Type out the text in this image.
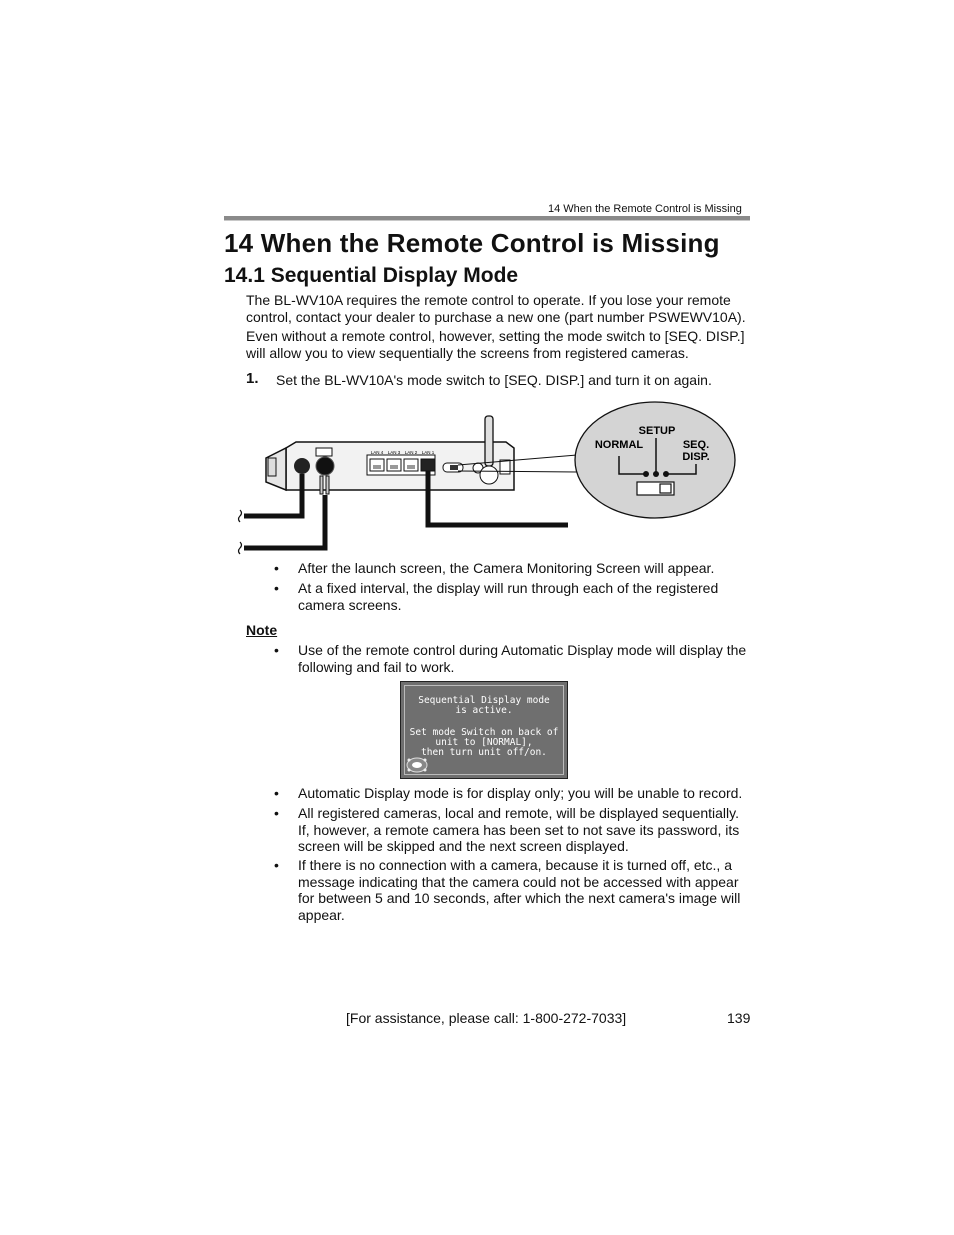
14 When the Remote Control is Missing
14 When the Remote Control is Missing
14.1 Sequential Display Mode

The BL-WV10A requires the remote control to operate. If you lose your remote control, contact your dealer to purchase a new one (part number PSWEWV10A).

Even without a remote control, however, setting the mode switch to [SEQ. DISP.] will allow you to view sequentially the screens from registered cameras.

1. Set the BL-WV10A's mode switch to [SEQ. DISP.] and turn it on again.
LAN 4 LAN 3 LAN 2 LAN 1
SETUP
NORMAL	SEQ.
DISP.
• After the launch screen, the Camera Monitoring Screen will appear.

• At a fixed interval, the display will run through each of the registered camera screens.

Note
• Use of the remote control during Automatic Display mode will display the following and fail to work.

Sequential Display mode
is active.
Set mode Switch on back of
unit to [NORMAL],
then turn unit off/on.
• Automatic Display mode is for display only; you will be unable to record.

• All registered cameras, local and remote, will be displayed sequentially. If, however, a remote camera has been set to not save its password, its screen will be skipped and the next screen displayed.

• If there is no connection with a camera, because it is turned off, etc., a message indicating that the camera could not be accessed with appear for between 5 and 10 seconds, after which the next camera's image will appear.

[For assistance, please call: 1-800-272-7033]	139
